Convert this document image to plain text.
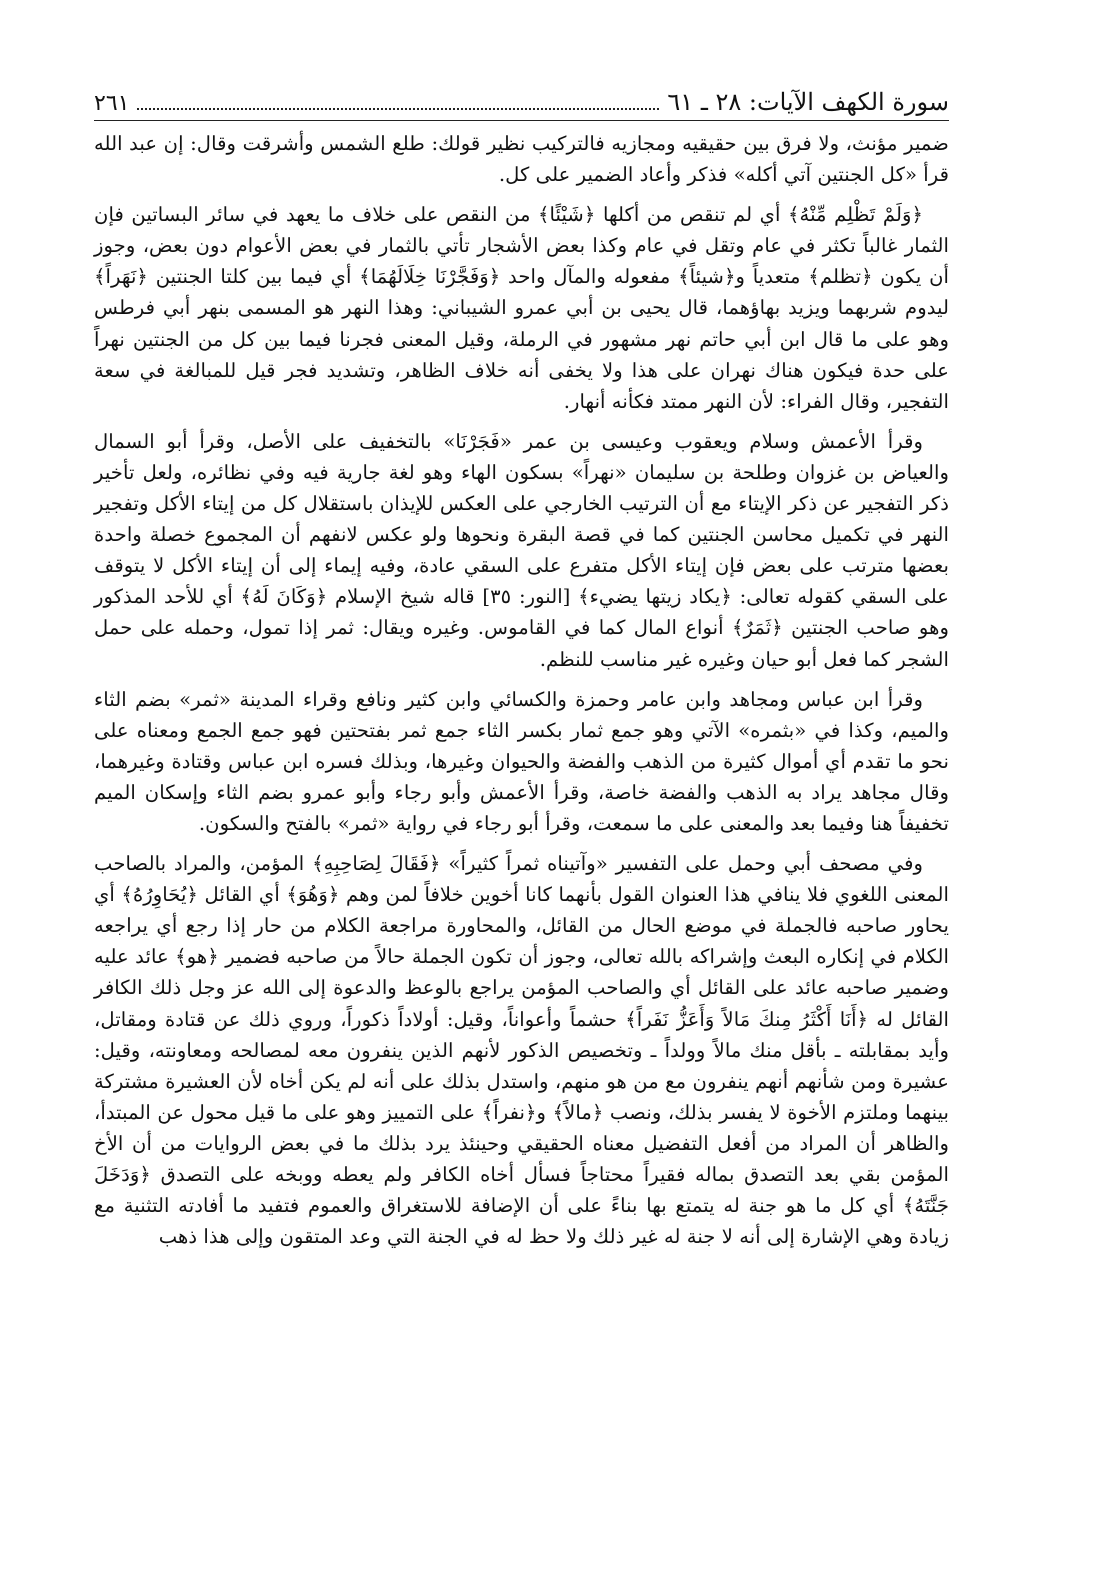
سورة الكهف الآيات: ٢٨ ـ ٦١
٢٦١

ضمير مؤنث، ولا فرق بين حقيقيه ومجازيه فالتركيب نظير قولك: طلع الشمس وأشرقت وقال: إن عبد الله قرأ «كل الجنتين آتي أكله» فذكر وأعاد الضمير على كل.

﴿وَلَمْ تَظْلِم مِّنْهُ﴾ أي لم تنقص من أكلها ﴿شَيْئًا﴾ من النقص على خلاف ما يعهد في سائر البساتين فإن الثمار غالباً تكثر في عام وتقل في عام وكذا بعض الأشجار تأتي بالثمار في بعض الأعوام دون بعض، وجوز أن يكون ﴿تظلم﴾ متعدياً و﴿شيئاً﴾ مفعوله والمآل واحد ﴿وَفَجَّرْنَا خِلَالَهُمَا﴾ أي فيما بين كلتا الجنتين ﴿نَهَراً﴾ ليدوم شربهما ويزيد بهاؤهما، قال يحيى بن أبي عمرو الشيباني: وهذا النهر هو المسمى بنهر أبي فرطس وهو على ما قال ابن أبي حاتم نهر مشهور في الرملة، وقيل المعنى فجرنا فيما بين كل من الجنتين نهراً على حدة فيكون هناك نهران على هذا ولا يخفى أنه خلاف الظاهر، وتشديد فجر قيل للمبالغة في سعة التفجير، وقال الفراء: لأن النهر ممتد فكأنه أنهار.

وقرأ الأعمش وسلام ويعقوب وعيسى بن عمر «فَجَرْنَا» بالتخفيف على الأصل، وقرأ أبو السمال والعياض بن غزوان وطلحة بن سليمان «نهراً» بسكون الهاء وهو لغة جارية فيه وفي نظائره، ولعل تأخير ذكر التفجير عن ذكر الإيتاء مع أن الترتيب الخارجي على العكس للإيذان باستقلال كل من إيتاء الأكل وتفجير النهر في تكميل محاسن الجنتين كما في قصة البقرة ونحوها ولو عكس لانفهم أن المجموع خصلة واحدة بعضها مترتب على بعض فإن إيتاء الأكل متفرع على السقي عادة، وفيه إيماء إلى أن إيتاء الأكل لا يتوقف على السقي كقوله تعالى: ﴿يكاد زيتها يضيء﴾ [النور: ٣٥] قاله شيخ الإسلام ﴿وَكَانَ لَهُ﴾ أي للأحد المذكور وهو صاحب الجنتين ﴿ثَمَرٌ﴾ أنواع المال كما في القاموس. وغيره ويقال: ثمر إذا تمول، وحمله على حمل الشجر كما فعل أبو حيان وغيره غير مناسب للنظم.

وقرأ ابن عباس ومجاهد وابن عامر وحمزة والكسائي وابن كثير ونافع وقراء المدينة «ثمر» بضم الثاء والميم، وكذا في «بثمره» الآتي وهو جمع ثمار بكسر الثاء جمع ثمر بفتحتين فهو جمع الجمع ومعناه على نحو ما تقدم أي أموال كثيرة من الذهب والفضة والحيوان وغيرها، وبذلك فسره ابن عباس وقتادة وغيرهما، وقال مجاهد يراد به الذهب والفضة خاصة، وقرأ الأعمش وأبو رجاء وأبو عمرو بضم الثاء وإسكان الميم تخفيفاً هنا وفيما بعد والمعنى على ما سمعت، وقرأ أبو رجاء في رواية «ثمر» بالفتح والسكون.

وفي مصحف أبي وحمل على التفسير «وآتيناه ثمراً كثيراً» ﴿فَقَالَ لِصَاحِبِهِ﴾ المؤمن، والمراد بالصاحب المعنى اللغوي فلا ينافي هذا العنوان القول بأنهما كانا أخوين خلافاً لمن وهم ﴿وَهُوَ﴾ أي القائل ﴿يُحَاوِرُهُ﴾ أي يحاور صاحبه فالجملة في موضع الحال من القائل، والمحاورة مراجعة الكلام من حار إذا رجع أي يراجعه الكلام في إنكاره البعث وإشراكه بالله تعالى، وجوز أن تكون الجملة حالاً من صاحبه فضمير ﴿هو﴾ عائد عليه وضمير صاحبه عائد على القائل أي والصاحب المؤمن يراجع بالوعظ والدعوة إلى الله عز وجل ذلك الكافر القائل له ﴿أَنَا أَكْثَرُ مِنكَ مَالاً وَأَعَزُّ نَفَراً﴾ حشماً وأعواناً، وقيل: أولاداً ذكوراً، وروي ذلك عن قتادة ومقاتل، وأيد بمقابلته ـ بأقل منك مالاً وولداً ـ وتخصيص الذكور لأنهم الذين ينفرون معه لمصالحه ومعاونته، وقيل: عشيرة ومن شأنهم أنهم ينفرون مع من هو منهم، واستدل بذلك على أنه لم يكن أخاه لأن العشيرة مشتركة بينهما وملتزم الأخوة لا يفسر بذلك، ونصب ﴿مالاً﴾ و﴿نفراً﴾ على التمييز وهو على ما قيل محول عن المبتدأ، والظاهر أن المراد من أفعل التفضيل معناه الحقيقي وحينئذ يرد بذلك ما في بعض الروايات من أن الأخ المؤمن بقي بعد التصدق بماله فقيراً محتاجاً فسأل أخاه الكافر ولم يعطه ووبخه على التصدق ﴿وَدَخَلَ جَنَّتَهُ﴾ أي كل ما هو جنة له يتمتع بها بناءً على أن الإضافة للاستغراق والعموم فتفيد ما أفادته التثنية مع زيادة وهي الإشارة إلى أنه لا جنة له غير ذلك ولا حظ له في الجنة التي وعد المتقون وإلى هذا ذهب
